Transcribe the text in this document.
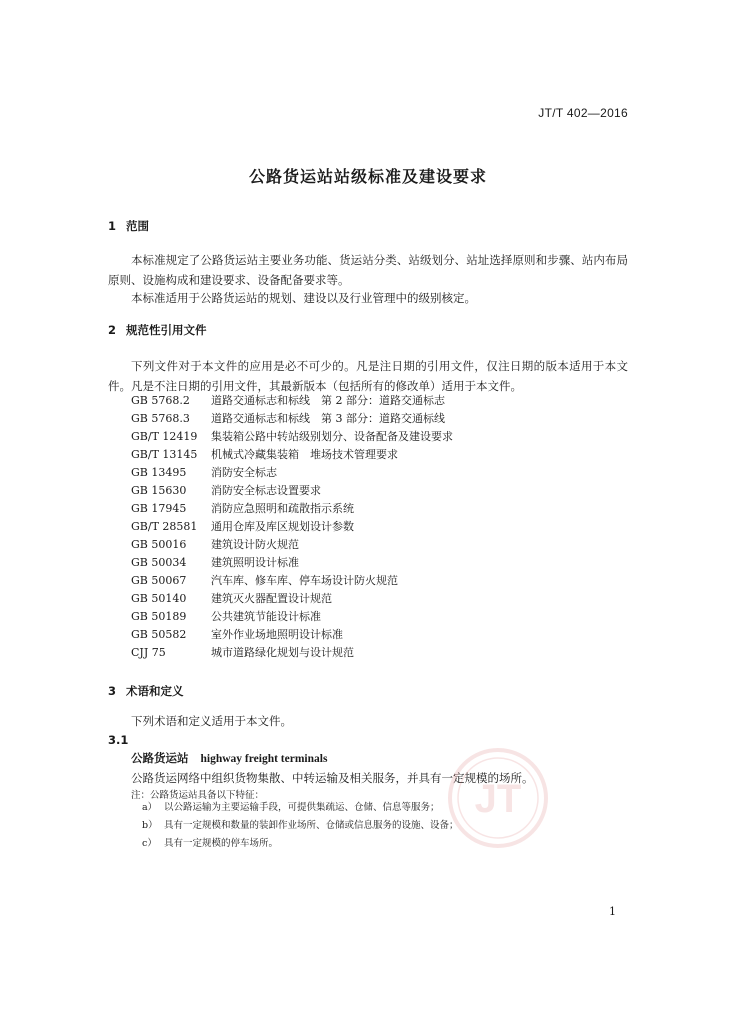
JT/T 402—2016
公路货运站站级标准及建设要求
1 范围
本标准规定了公路货运站主要业务功能、货运站分类、站级划分、站址选择原则和步骤、站内布局原则、设施构成和建设要求、设备配备要求等。
本标准适用于公路货运站的规划、建设以及行业管理中的级别核定。
2 规范性引用文件
下列文件对于本文件的应用是必不可少的。凡是注日期的引用文件，仅注日期的版本适用于本文件。凡是不注日期的引用文件，其最新版本（包括所有的修改单）适用于本文件。
GB 5768.2 道路交通标志和标线　第 2 部分：道路交通标志
GB 5768.3 道路交通标志和标线　第 3 部分：道路交通标线
GB/T 12419 集装箱公路中转站级别划分、设备配备及建设要求
GB/T 13145 机械式冷藏集装箱　堆场技术管理要求
GB 13495 消防安全标志
GB 15630 消防安全标志设置要求
GB 17945 消防应急照明和疏散指示系统
GB/T 28581 通用仓库及库区规划设计参数
GB 50016 建筑设计防火规范
GB 50034 建筑照明设计标准
GB 50067 汽车库、修车库、停车场设计防火规范
GB 50140 建筑灭火器配置设计规范
GB 50189 公共建筑节能设计标准
GB 50582 室外作业场地照明设计标准
CJJ 75	城市道路绿化规划与设计规范
3 术语和定义
下列术语和定义适用于本文件。
3.1
公路货运站 highway freight terminals
公路货运网络中组织货物集散、中转运输及相关服务，并具有一定规模的场所。
JT
注：公路货运站具备以下特征：
a） 以公路运输为主要运输手段，可提供集疏运、仓储、信息等服务；
b） 具有一定规模和数量的装卸作业场所、仓储或信息服务的设施、设备；
c） 具有一定规模的停车场所。
1
